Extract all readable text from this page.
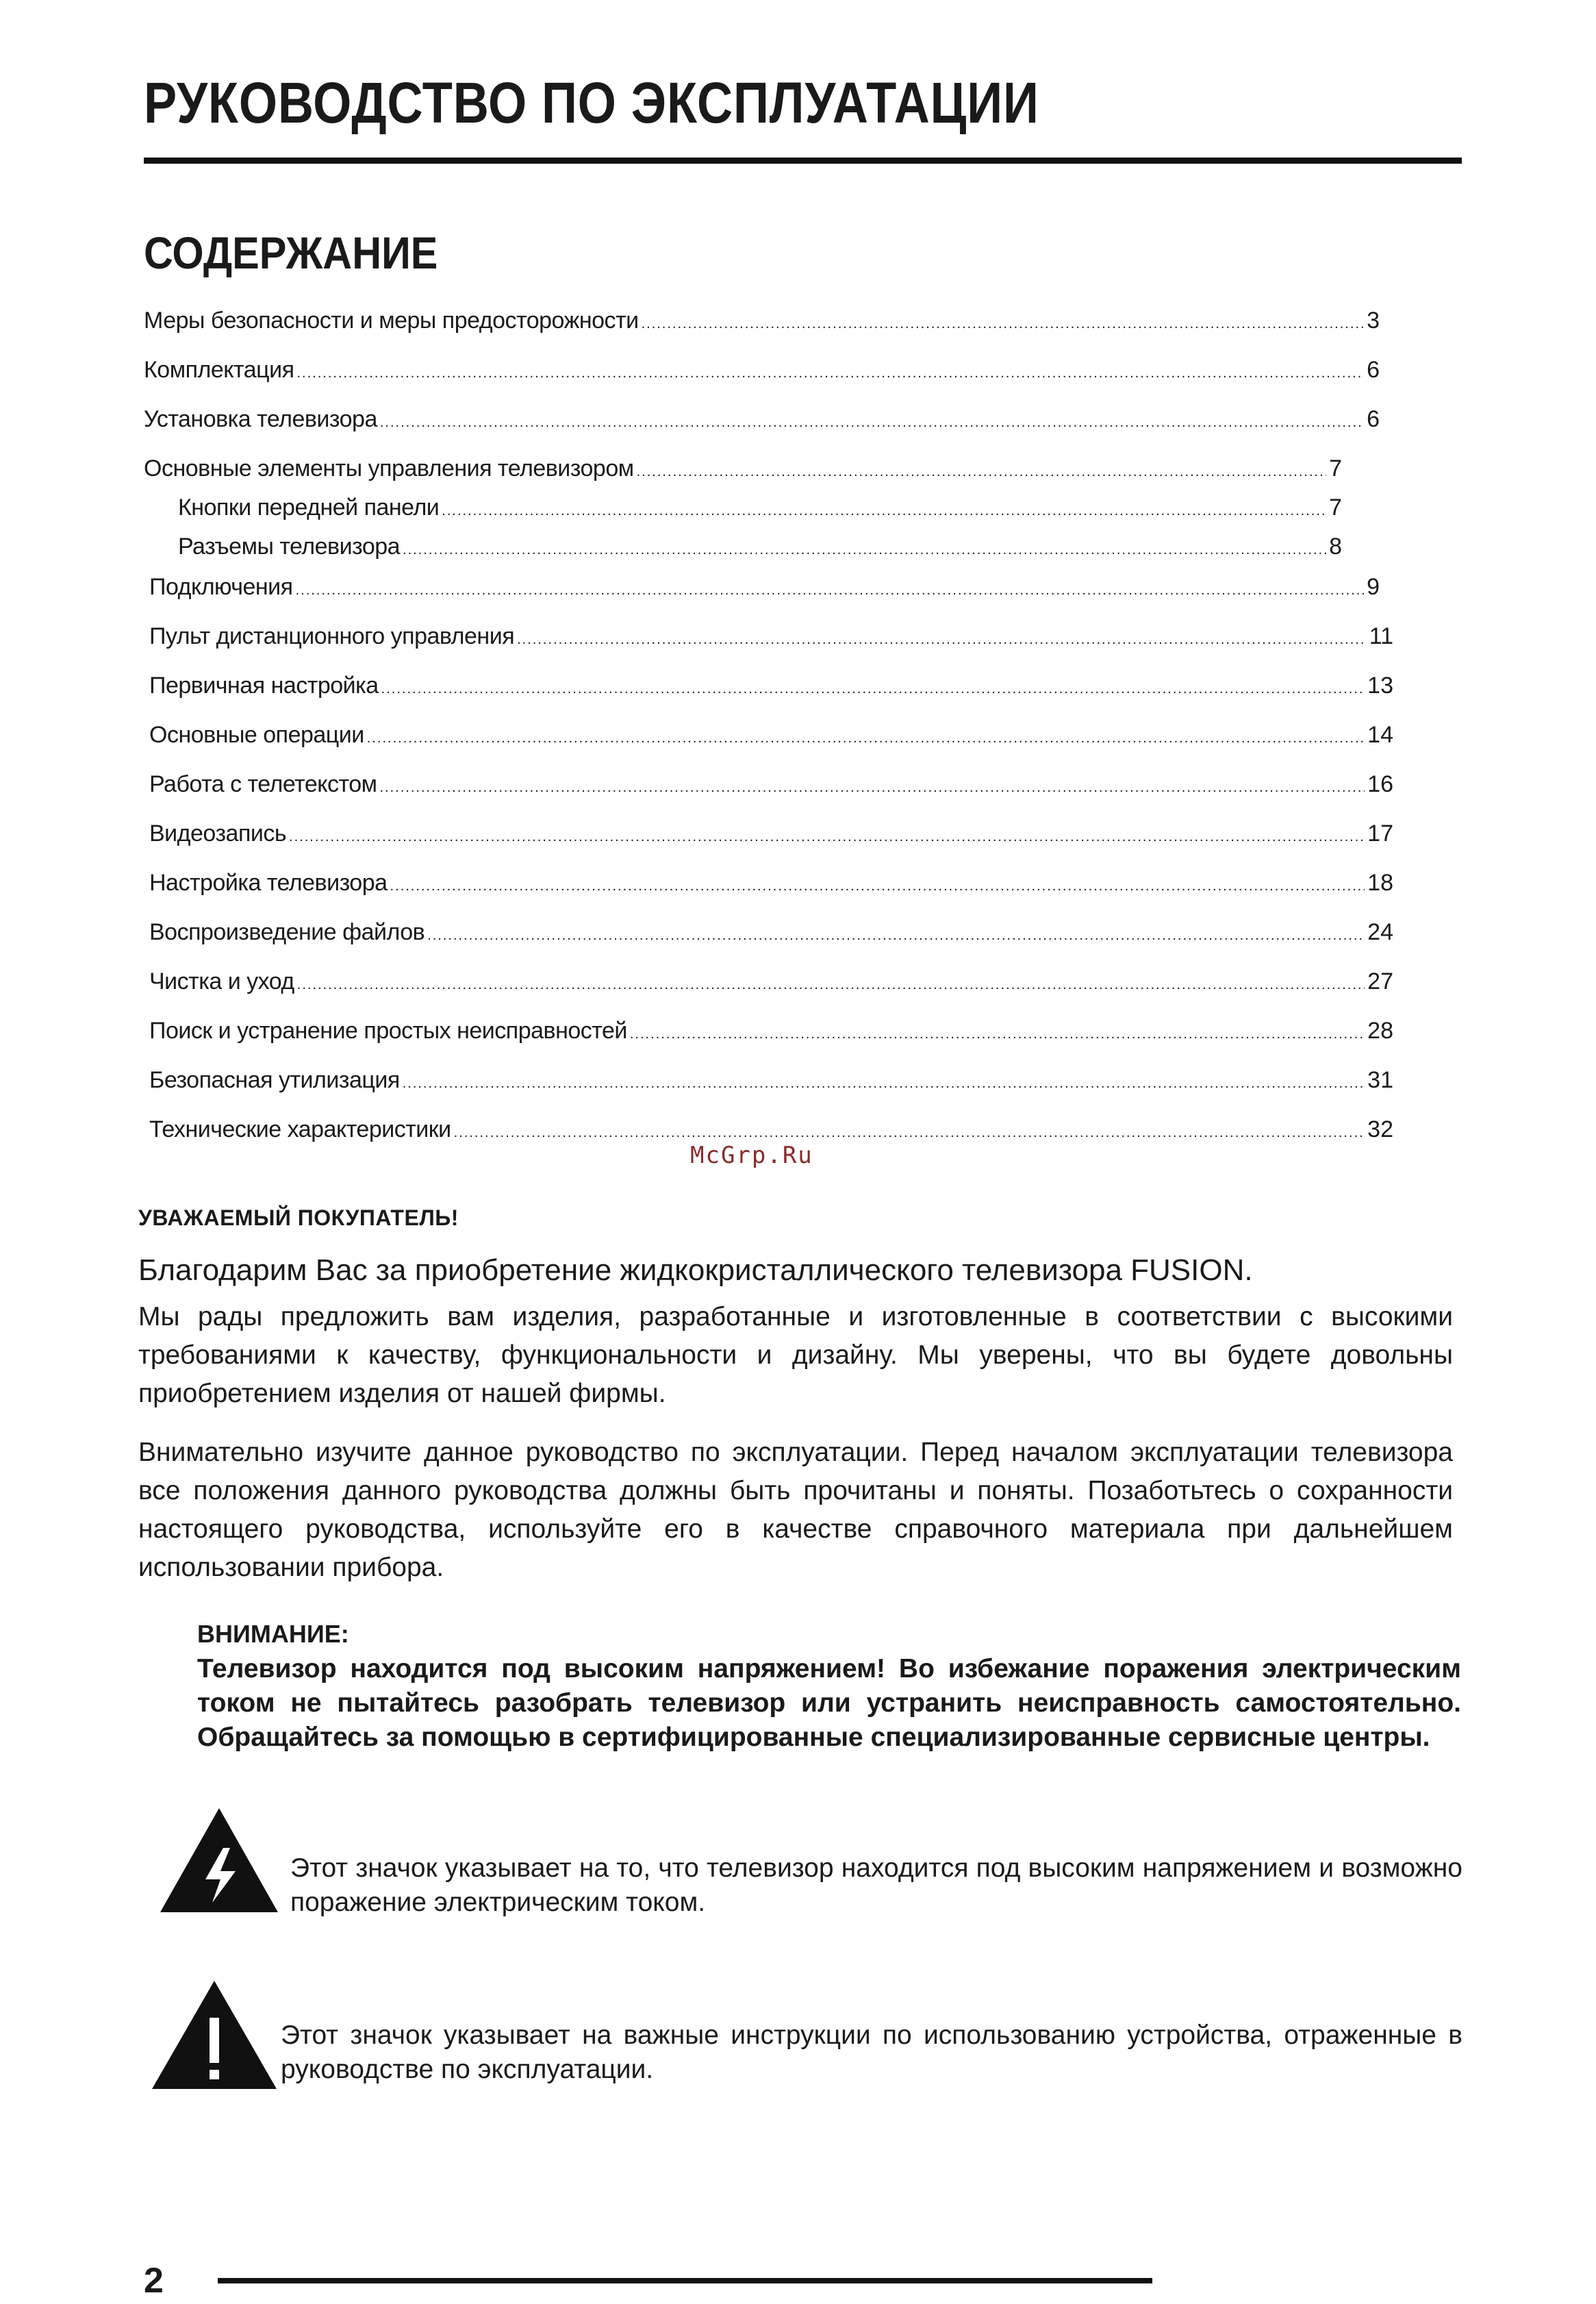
РУКОВОДСТВО ПО ЭКСПЛУАТАЦИИ
СОДЕРЖАНИЕ
Меры безопасности и меры предосторожности .....	3
Комплектация .....	6
Установка телевизора .....	6
Основные элементы управления телевизором .....	7
Кнопки передней панели .....	7
Разъемы телевизора .....	8
Подключения .....	9
Пульт дистанционного управления .....	11
Первичная настройка .....	13
Основные операции .....	14
Работа с телетекстом .....	16
Видеозапись .....	17
Настройка телевизора .....	18
Воспроизведение файлов .....	24
Чистка и уход .....	27
Поиск и устранение простых неисправностей .....	28
Безопасная утилизация .....	31
Технические характеристики .....	32
McGrp.Ru
УВАЖАЕМЫЙ ПОКУПАТЕЛЬ!

Благодарим Вас за приобретение жидкокристаллического телевизора FUSION.

Мы рады предложить вам изделия, разработанные и изготовленные в соответствии с высокими требованиями к качеству, функциональности и дизайну. Мы уверены, что вы будете довольны приобретением изделия от нашей фирмы.

Внимательно изучите данное руководство по эксплуатации. Перед началом эксплуатации телевизора все положения данного руководства должны быть прочитаны и поняты. Позаботьтесь о сохранности настоящего руководства, используйте его в качестве справочного материала при дальнейшем использовании прибора.

ВНИМАНИЕ:

Телевизор находится под высоким напряжением! Во избежание поражения электрическим током не пытайтесь разобрать телевизор или устранить неисправность самостоятельно. Обращайтесь за помощью в сертифицированные специализированные сервисные центры.

Этот значок указывает на то, что телевизор находится под высоким напряжением и возможно поражение электрическим током.

Этот значок указывает на важные инструкции по использованию устройства, отраженные в руководстве по эксплуатации.

2
